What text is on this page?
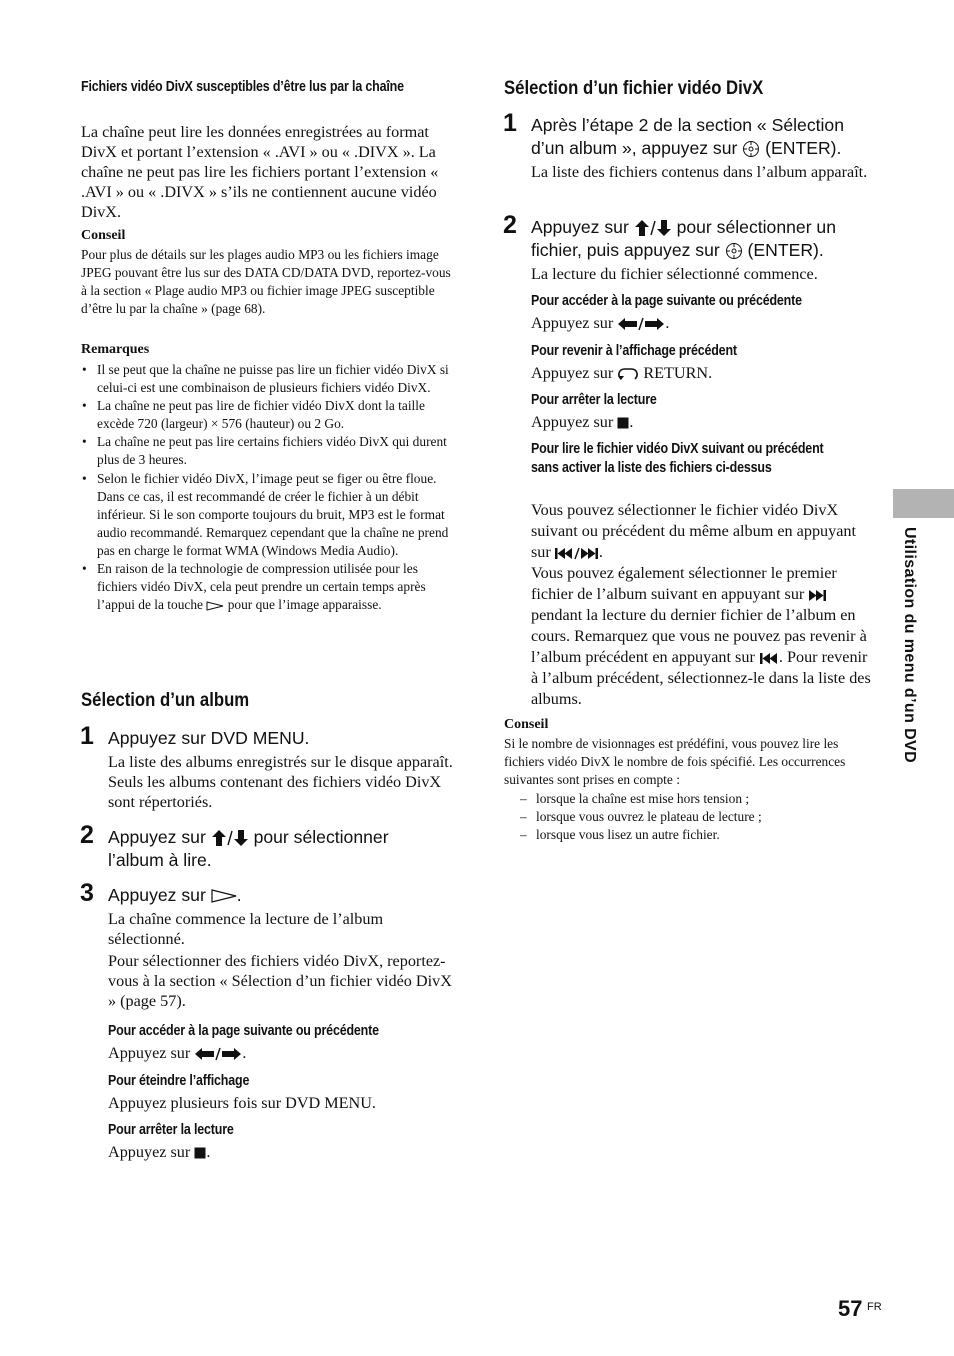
Fichiers vidéo DivX susceptibles d’être lus par la chaîne
La chaîne peut lire les données enregistrées au format DivX et portant l’extension « .AVI » ou « .DIVX ». La chaîne ne peut pas lire les fichiers portant l’extension « .AVI » ou « .DIVX » s’ils ne contiennent aucune vidéo DivX.
Conseil
Pour plus de détails sur les plages audio MP3 ou les fichiers image JPEG pouvant être lus sur des DATA CD/DATA DVD, reportez-vous à la section « Plage audio MP3 ou fichier image JPEG susceptible d’être lu par la chaîne » (page 68).
Remarques
• Il se peut que la chaîne ne puisse pas lire un fichier vidéo DivX si celui-ci est une combinaison de plusieurs fichiers vidéo DivX.
• La chaîne ne peut pas lire de fichier vidéo DivX dont la taille excède 720 (largeur) × 576 (hauteur) ou 2 Go.
• La chaîne ne peut pas lire certains fichiers vidéo DivX qui durent plus de 3 heures.
• Selon le fichier vidéo DivX, l’image peut se figer ou être floue. Dans ce cas, il est recommandé de créer le fichier à un débit inférieur. Si le son comporte toujours du bruit, MP3 est le format audio recommandé. Remarquez cependant que la chaîne ne prend pas en charge le format WMA (Windows Media Audio).
• En raison de la technologie de compression utilisée pour les fichiers vidéo DivX, cela peut prendre un certain temps après l’appui de la touche pour que l’image apparaisse.
Sélection d’un album
1 Appuyez sur DVD MENU.
La liste des albums enregistrés sur le disque apparaît. Seuls les albums contenant des fichiers vidéo DivX sont répertoriés.
2 Appuyez sur	pour sélectionner l’album à lire.
3 Appuyez sur .
La chaîne commence la lecture de l’album sélectionné.
Pour sélectionner des fichiers vidéo DivX, reportez-vous à la section « Sélection d’un fichier vidéo DivX » (page 57).
Pour accéder à la page suivante ou précédente
Appuyez sur	.
Pour éteindre l’affichage
Appuyez plusieurs fois sur DVD MENU.
Pour arrêter la lecture
Appuyez sur .
Sélection d’un fichier vidéo DivX
1 Après l’étape 2 de la section « Sélection d’un album », appuyez sur (ENTER).
La liste des fichiers contenus dans l’album apparaît.
2 Appuyez sur	pour sélectionner un fichier, puis appuyez sur (ENTER).
La lecture du fichier sélectionné commence.
Pour accéder à la page suivante ou précédente
Appuyez sur	.
Pour revenir à l’affichage précédent
Appuyez sur RETURN.
Pour arrêter la lecture
Appuyez sur .
Pour lire le fichier vidéo DivX suivant ou précédent sans activer la liste des fichiers ci-dessus
Vous pouvez sélectionner le fichier vidéo DivX suivant ou précédent du même album en appuyant sur	.
Vous pouvez également sélectionner le premier fichier de l’album suivant en appuyant sur  pendant la lecture du dernier fichier de l’album en cours. Remarquez que vous ne pouvez pas revenir à l’album précédent en appuyant sur . Pour revenir à l’album précédent, sélectionnez-le dans la liste des albums.
Conseil
Si le nombre de visionnages est prédéfini, vous pouvez lire les fichiers vidéo DivX le nombre de fois spécifié. Les occurrences suivantes sont prises en compte :
– lorsque la chaîne est mise hors tension ;
– lorsque vous ouvrez le plateau de lecture ;
– lorsque vous lisez un autre fichier.
Utilisation du menu d’un DVD
57 FR
